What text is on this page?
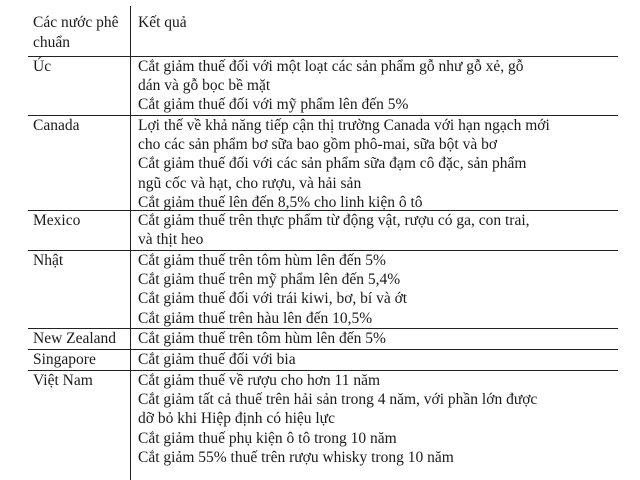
Các nước phê chuẩn
Kết quả
Úc	Cắt giảm thuế đối với một loạt các sản phẩm gỗ như gỗ xẻ, gỗ
dán và gỗ bọc bề mặt
Cắt giảm thuế đối với mỹ phẩm lên đến 5%
Canada	Lợi thế về khả năng tiếp cận thị trường Canada với hạn ngạch mới
cho các sản phẩm bơ sữa bao gồm phô-mai, sữa bột và bơ
Cắt giảm thuế đối với các sản phẩm sữa đạm cô đặc, sản phẩm
ngũ cốc và hạt, cho rượu, và hải sản
Cắt giảm thuế lên đến 8,5% cho linh kiện ô tô
Mexico	Cắt giảm thuế trên thực phẩm từ động vật, rượu có ga, con trai,
và thịt heo
Nhật	Cắt giảm thuế trên tôm hùm lên đến 5%
Cắt giảm thuế trên mỹ phẩm lên đến 5,4%
Cắt giảm thuế đối với trái kiwi, bơ, bí và ớt
Cắt giảm thuế trên hàu lên đến 10,5%
New Zealand	Cắt giảm thuế trên tôm hùm lên đến 5%
Singapore	Cắt giảm thuế đối với bia
Việt Nam	Cắt giảm thuế về rượu cho hơn 11 năm
Cắt giảm tất cả thuế trên hải sản trong 4 năm, với phần lớn được
dỡ bỏ khi Hiệp định có hiệu lực
Cắt giảm thuế phụ kiện ô tô trong 10 năm
Cắt giảm 55% thuế trên rượu whisky trong 10 năm
